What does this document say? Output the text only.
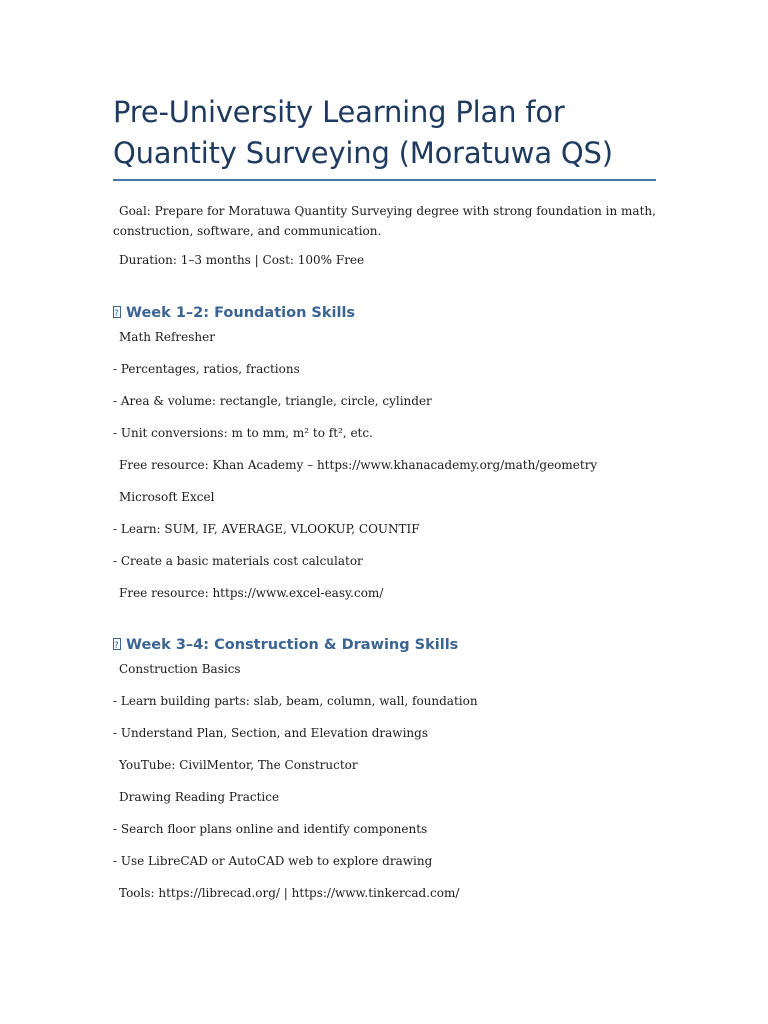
Pre-University Learning Plan for Quantity Surveying (Moratuwa QS)

Goal: Prepare for Moratuwa Quantity Surveying degree with strong foundation in math, construction, software, and communication.

Duration: 1–3 months | Cost: 100% Free

?Week 1–2: Foundation Skills

Math Refresher

- Percentages, ratios, fractions

- Area & volume: rectangle, triangle, circle, cylinder

- Unit conversions: m to mm, m² to ft², etc.

Free resource: Khan Academy – https://www.khanacademy.org/math/geometry

Microsoft Excel

- Learn: SUM, IF, AVERAGE, VLOOKUP, COUNTIF

- Create a basic materials cost calculator

Free resource: https://www.excel-easy.com/

?Week 3–4: Construction & Drawing Skills

Construction Basics

- Learn building parts: slab, beam, column, wall, foundation

- Understand Plan, Section, and Elevation drawings

YouTube: CivilMentor, The Constructor

Drawing Reading Practice

- Search floor plans online and identify components

- Use LibreCAD or AutoCAD web to explore drawing

Tools: https://librecad.org/ | https://www.tinkercad.com/
